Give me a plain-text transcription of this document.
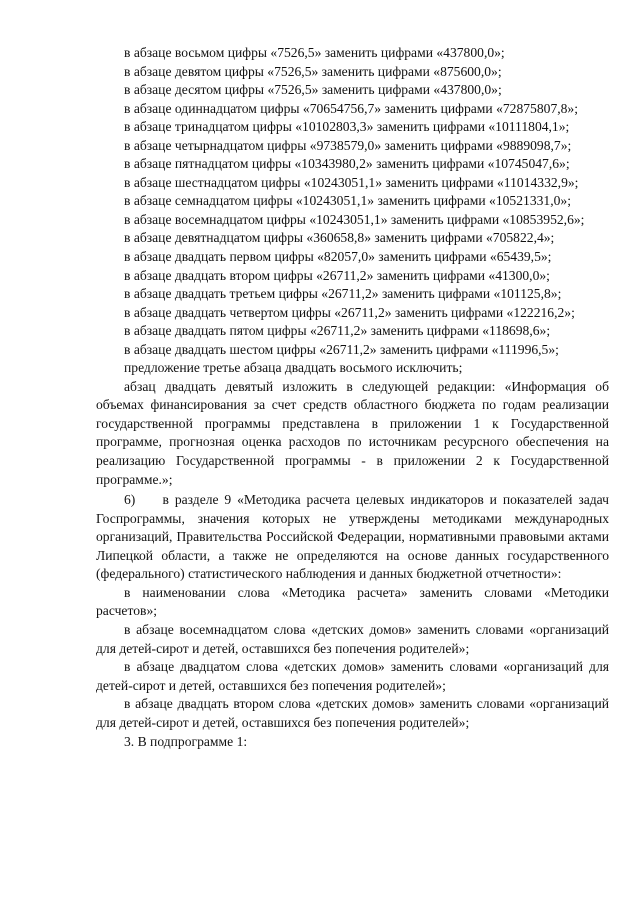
в абзаце восьмом цифры «7526,5» заменить цифрами «437800,0»;

в абзаце девятом цифры «7526,5» заменить цифрами «875600,0»;

в абзаце десятом цифры «7526,5» заменить цифрами «437800,0»;

в абзаце одиннадцатом цифры «70654756,7» заменить цифрами «72875807,8»;

в абзаце тринадцатом цифры «10102803,3» заменить цифрами «10111804,1»;

в абзаце четырнадцатом цифры «9738579,0» заменить цифрами «9889098,7»;

в абзаце пятнадцатом цифры «10343980,2» заменить цифрами «10745047,6»;

в абзаце шестнадцатом цифры «10243051,1» заменить цифрами «11014332,9»;

в абзаце семнадцатом цифры «10243051,1» заменить цифрами «10521331,0»;

в абзаце восемнадцатом цифры «10243051,1» заменить цифрами «10853952,6»;

в абзаце девятнадцатом цифры «360658,8» заменить цифрами «705822,4»;

в абзаце двадцать первом цифры «82057,0» заменить цифрами «65439,5»;

в абзаце двадцать втором цифры «26711,2» заменить цифрами «41300,0»;

в абзаце двадцать третьем цифры «26711,2» заменить цифрами «101125,8»;

в абзаце двадцать четвертом цифры «26711,2» заменить цифрами «122216,2»;

в абзаце двадцать пятом цифры «26711,2» заменить цифрами «118698,6»;

в абзаце двадцать шестом цифры «26711,2» заменить цифрами «111996,5»;

предложение третье абзаца двадцать восьмого исключить;

абзац двадцать девятый изложить в следующей редакции: «Информация об объемах финансирования за счет средств областного бюджета по годам реализации государственной программы представлена в приложении 1 к Государственной программе, прогнозная оценка расходов по источникам ресурсного обеспечения на реализацию Государственной программы - в приложении 2 к Государственной программе.»;

6)  в разделе 9 «Методика расчета целевых индикаторов и показателей задач Госпрограммы, значения которых не утверждены методиками международных организаций, Правительства Российской Федерации, нормативными правовыми актами Липецкой области, а также не определяются на основе данных государственного (федерального) статистического наблюдения и данных бюджетной отчетности»:

в наименовании слова «Методика расчета» заменить словами «Методики расчетов»;

в абзаце восемнадцатом слова «детских домов» заменить словами «организаций для детей-сирот и детей, оставшихся без попечения родителей»;

в абзаце двадцатом слова «детских домов» заменить словами «организаций для детей-сирот и детей, оставшихся без попечения родителей»;

в абзаце двадцать втором слова «детских домов» заменить словами «организаций для детей-сирот и детей, оставшихся без попечения родителей»;

3. В подпрограмме 1:
